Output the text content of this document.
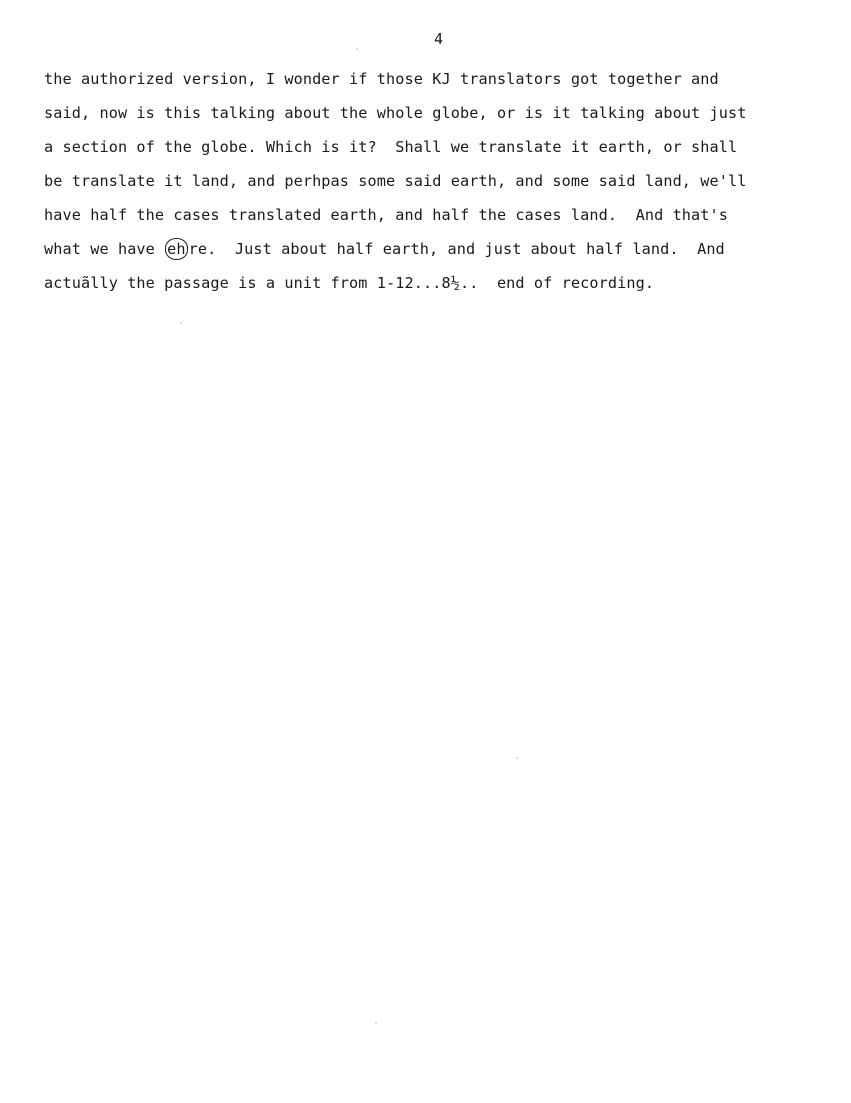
4
the authorized version, I wonder if those KJ translators got together and
said, now is this talking about the whole globe, or is it talking about just
a section of the globe. Which is it?  Shall we translate it earth, or shall
be translate it land, and perhpas some said earth, and some said land, we'll
have half the cases translated earth, and half the cases land.  And that's
what we have eh re.  Just about half earth, and just about half land.  And
actuãlly the passage is a unit from 1-12...8½..  end of recording.
